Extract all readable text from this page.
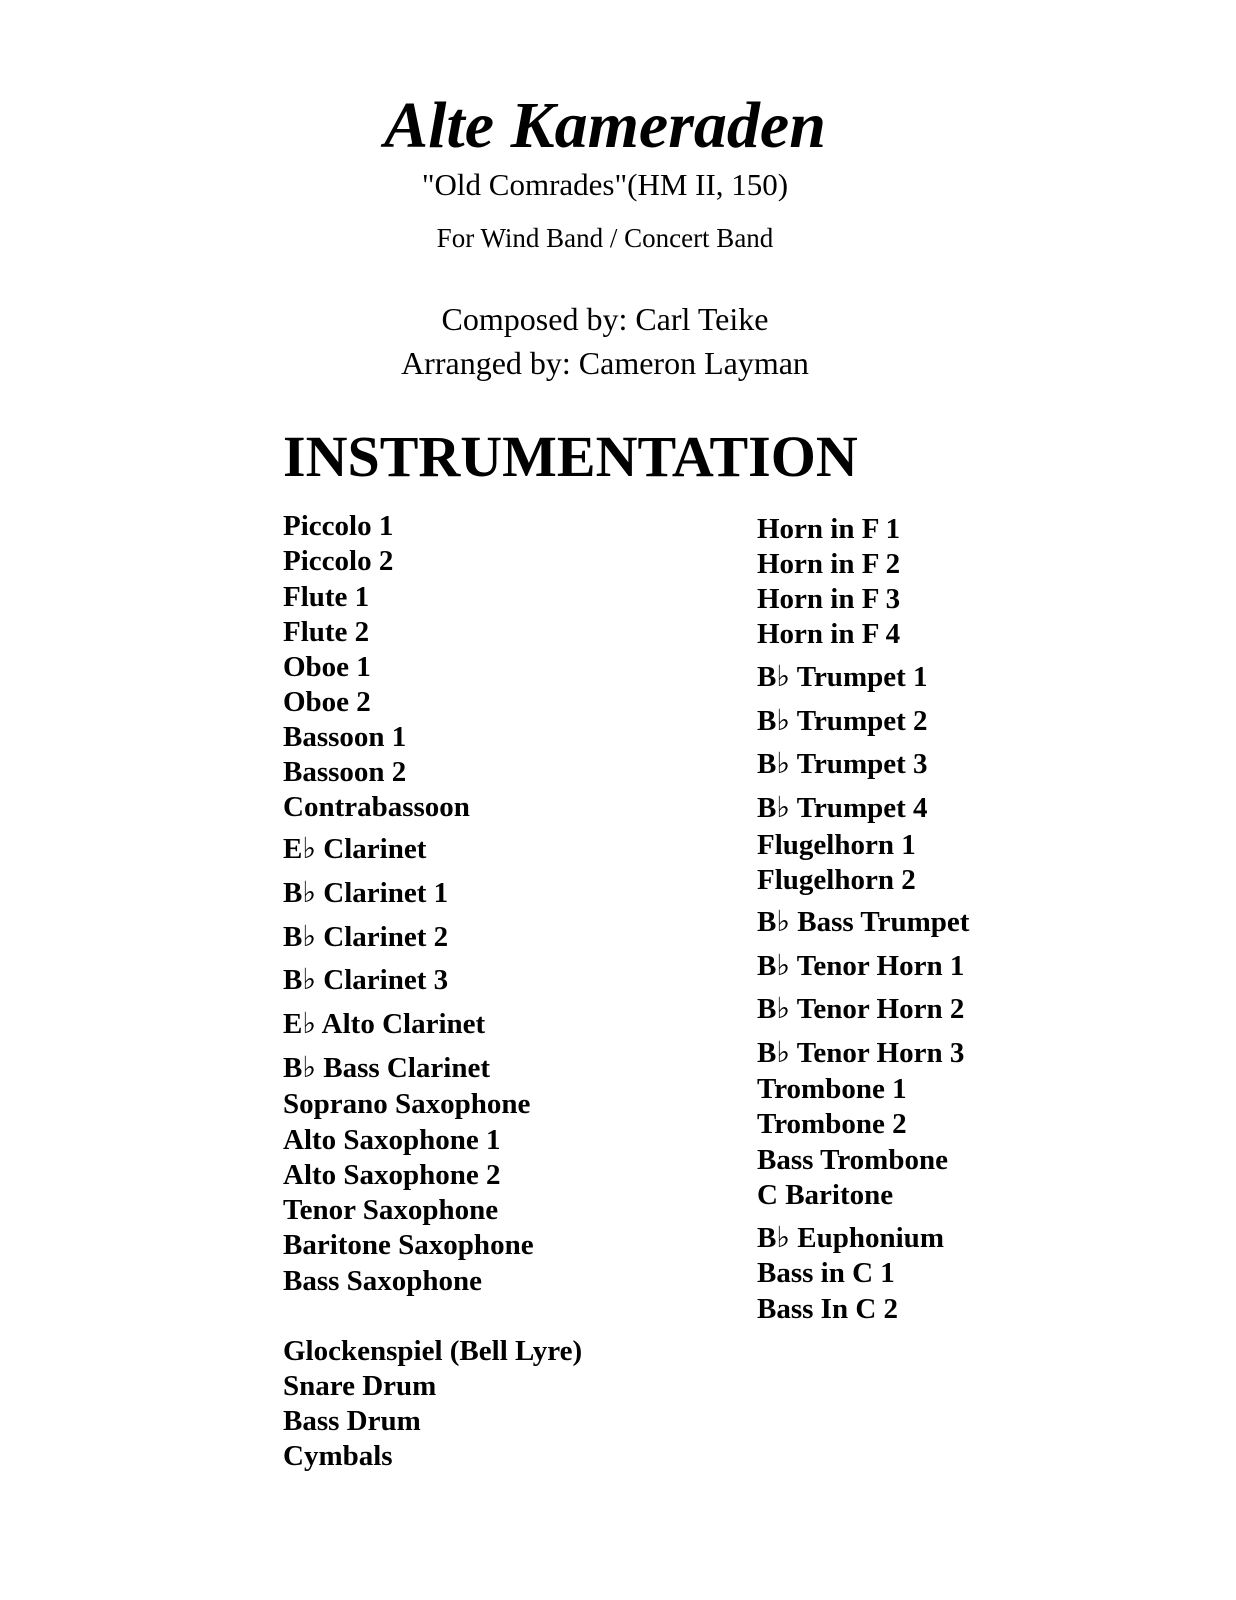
Alte Kameraden
"Old Comrades"(HM II, 150)
For Wind Band / Concert Band
Composed by: Carl Teike
Arranged by: Cameron Layman
INSTRUMENTATION
Piccolo 1
Piccolo 2
Flute 1
Flute 2
Oboe 1
Oboe 2
Bassoon 1
Bassoon 2
Contrabassoon
E♭ Clarinet
B♭ Clarinet 1
B♭ Clarinet 2
B♭ Clarinet 3
E♭ Alto Clarinet
B♭ Bass Clarinet
Soprano Saxophone
Alto Saxophone 1
Alto Saxophone 2
Tenor Saxophone
Baritone Saxophone
Bass Saxophone
Glockenspiel (Bell Lyre)
Snare Drum
Bass Drum
Cymbals
Horn in F 1
Horn in F 2
Horn in F 3
Horn in F 4
B♭ Trumpet 1
B♭ Trumpet 2
B♭ Trumpet 3
B♭ Trumpet 4
Flugelhorn 1
Flugelhorn 2
B♭ Bass Trumpet
B♭ Tenor Horn 1
B♭ Tenor Horn 2
B♭ Tenor Horn 3
Trombone 1
Trombone 2
Bass Trombone
C Baritone
B♭ Euphonium
Bass in C 1
Bass In C 2
